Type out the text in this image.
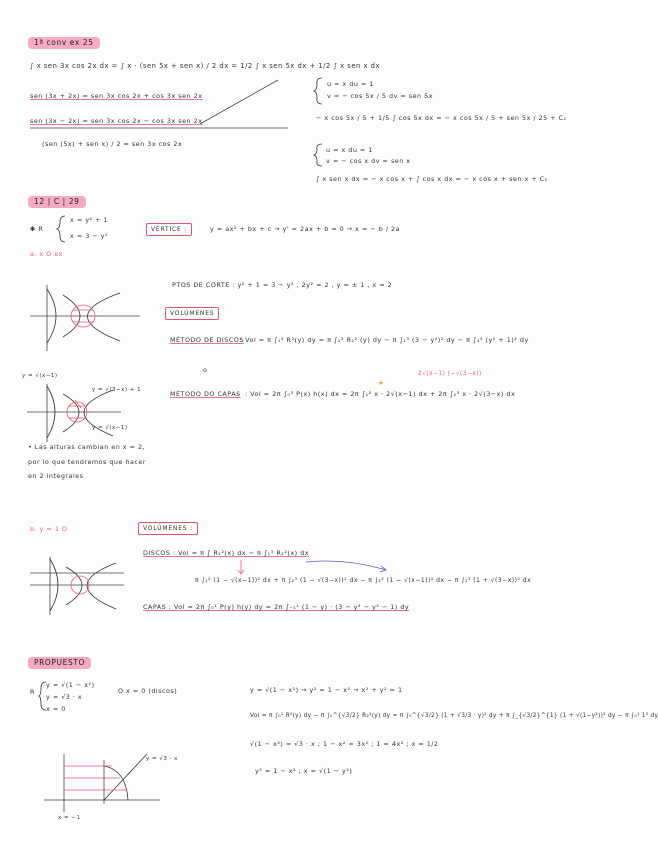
1ª conv ex 25
∫ x sen 3x cos 2x dx = ∫ x · (sen 5x + sen x) / 2 dx = 1/2 ∫ x sen 5x dx + 1/2 ∫ x sen x dx
sen (3x + 2x) = sen 3x cos 2x + cos 3x sen 2x
sen (3x − 2x) = sen 3x cos 2x − cos 3x sen 2x
(sen (5x) + sen x) / 2 = sen 3x cos 2x
u = x du = 1
v = − cos 5x / 5 dv = sen 5x
− x cos 5x / 5 + 1/5 ∫ cos 5x dx = − x cos 5x / 5 + sen 5x / 25 + C₁
u = x du = 1
v = − cos x dv = sen x
∫ x sen x dx = − x cos x + ∫ cos x dx = − x cos x + sen x + C₂
12 | C | 29
✱ R
x = y² + 1
x = 3 − y²
VÉRTICE :	y = ax² + bx + c → y' = 2ax + b = 0 → x = − b / 2a
a. x O ex
PTOS DE CORTE : y² + 1 = 3 − y² , 2y² = 2 , y = ± 1 , x = 2
VOLÚMENES
MÉTODO DE DISCOS
: Vol = π ∫₁³ R²(y) dy = π ∫₁³ R₂² (y) dy − π ∫₁³ (3 − y²)² dy − π ∫₁³ (y² + 1)² dy
o	2√(x−1) (−√(3−x))
MÉTODO DO CAPAS : Vol = 2π ∫₀³ P(x) h(x) dx = 2π ∫₁² x · 2√(x−1) dx + 2π ∫₂³ x · 2√(3−x) dx
★
y = √(x−1)
y = √(3−x) + 1
y = √(x−1)
• Las alturas cambian en x = 2,
por lo que tendremos que hacer
en 2 integrales
b. y = 1 O	VOLÚMENES :
DISCOS : Vol = π ∫ R₁²(x) dx − π ∫₁³ R₂²(x) dx
π ∫₁² (1 − √(x−1))² dx + π ∫₂³ (1 − √(3−x))² dx − π ∫₁² (1 − √(x−1))² dx − π ∫₂³ (1 + √(3−x))² dx
CAPAS : Vol = 2π ∫₀¹ P(y) h(y) dy = 2π ∫₋₁¹ (1 − y) · (3 − y² − y² − 1) dy
PROPUESTO
R
y = √(1 − x²)
y = √3 · x
x = 0
O x = 0 (discos)	y = √(1 − x²) → y² = 1 − x² → x² + y² = 1
Vol = π ∫₀¹ R²(y) dy − π ∫₀^{√3/2} R₂²(y) dy = π ∫₀^{√3/2} (1 + √3/3 · y)² dy + π ∫_{√3/2}^{1} (1 + √(1−y²))² dy − π ∫₀¹ 1² dy
√(1 − x²) = √3 · x ; 1 − x² = 3x² ; 1 = 4x² ; x = 1/2
y² = 1 − x² ; x = √(1 − y²)
y = √3 · x
x = −1
